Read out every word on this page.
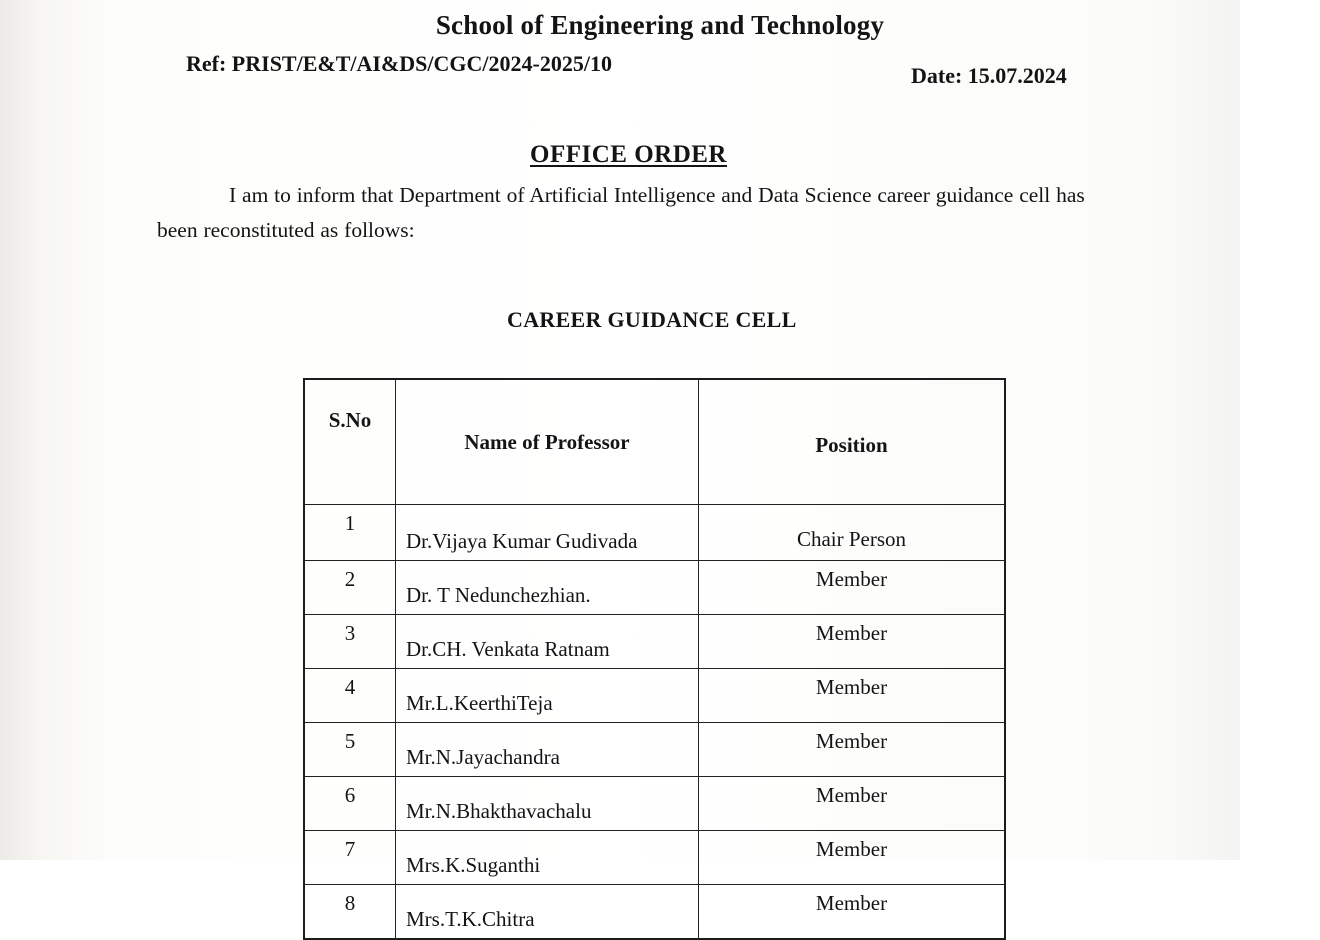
School of Engineering and Technology
Ref: PRIST/E&T/AI&DS/CGC/2024-2025/10	Date: 15.07.2024
OFFICE ORDER
I am to inform that Department of Artificial Intelligence and Data Science career guidance cell has been reconstituted as follows:
CAREER GUIDANCE CELL
S.No	Name of Professor	Position
1	Dr.Vijaya Kumar Gudivada	Chair Person
2	Dr. T Nedunchezhian.	Member
3	Dr.CH. Venkata Ratnam	Member
4	Mr.L.KeerthiTeja	Member
5	Mr.N.Jayachandra	Member
6	Mr.N.Bhakthavachalu	Member
7	Mrs.K.Suganthi	Member
8	Mrs.T.K.Chitra	Member
